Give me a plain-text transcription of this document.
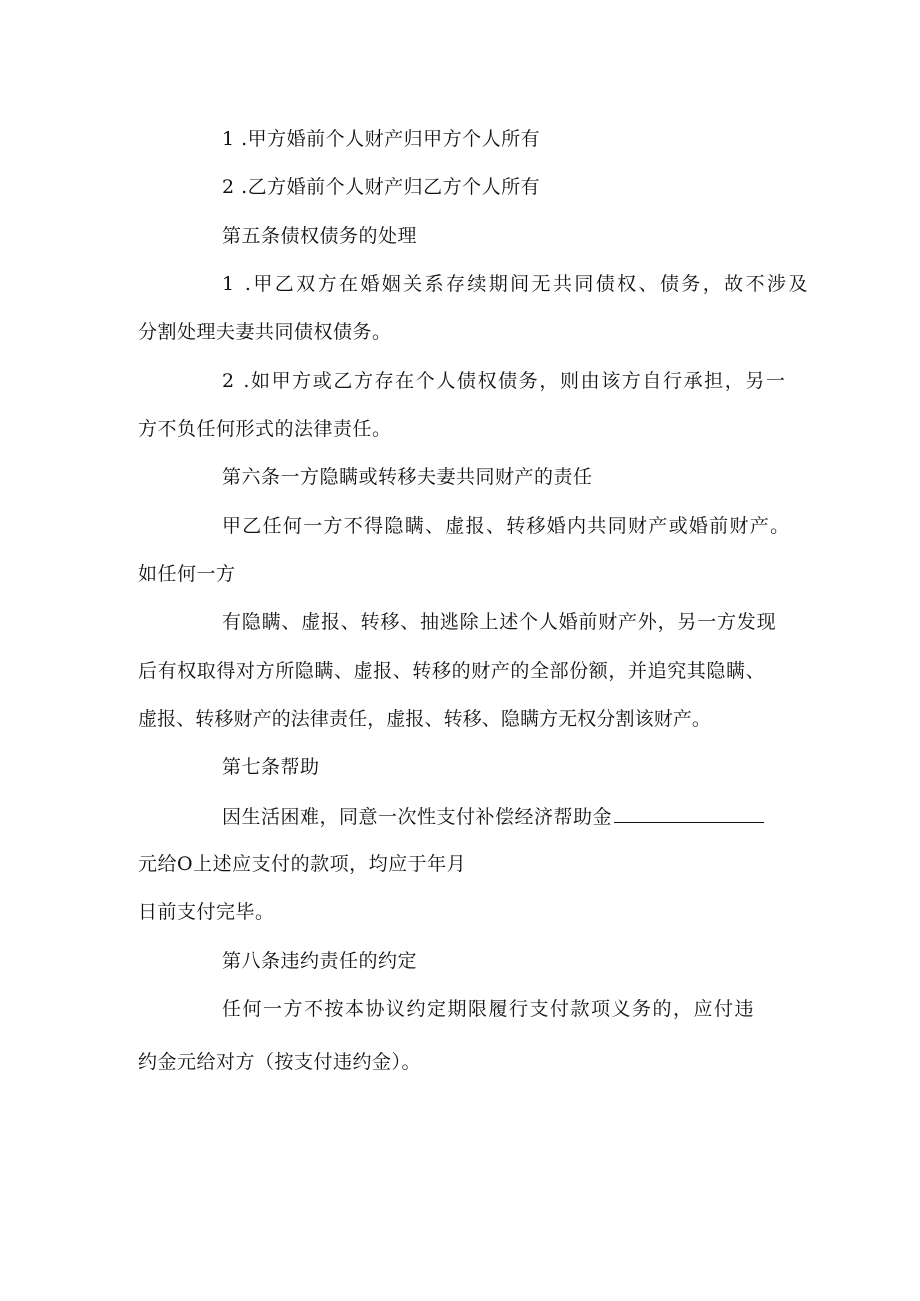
1 .甲方婚前个人财产归甲方个人所有
2 .乙方婚前个人财产归乙方个人所有
第五条债权债务的处理
1 .甲乙双方在婚姻关系存续期间无共同债权、债务，故不涉及
分割处理夫妻共同债权债务。
2 .如甲方或乙方存在个人债权债务，则由该方自行承担，另一
方不负任何形式的法律责任。
第六条一方隐瞒或转移夫妻共同财产的责任
甲乙任何一方不得隐瞒、虚报、转移婚内共同财产或婚前财产。
如任何一方
有隐瞒、虚报、转移、抽逃除上述个人婚前财产外，另一方发现
后有权取得对方所隐瞒、虚报、转移的财产的全部份额，并追究其隐瞒、
虚报、转移财产的法律责任，虚报、转移、隐瞒方无权分割该财产。
第七条帮助
因生活困难，同意一次性支付补偿经济帮助金
元给O上述应支付的款项，均应于年月
日前支付完毕。
第八条违约责任的约定
任何一方不按本协议约定期限履行支付款项义务的，应付违
约金元给对方（按支付违约金）。
